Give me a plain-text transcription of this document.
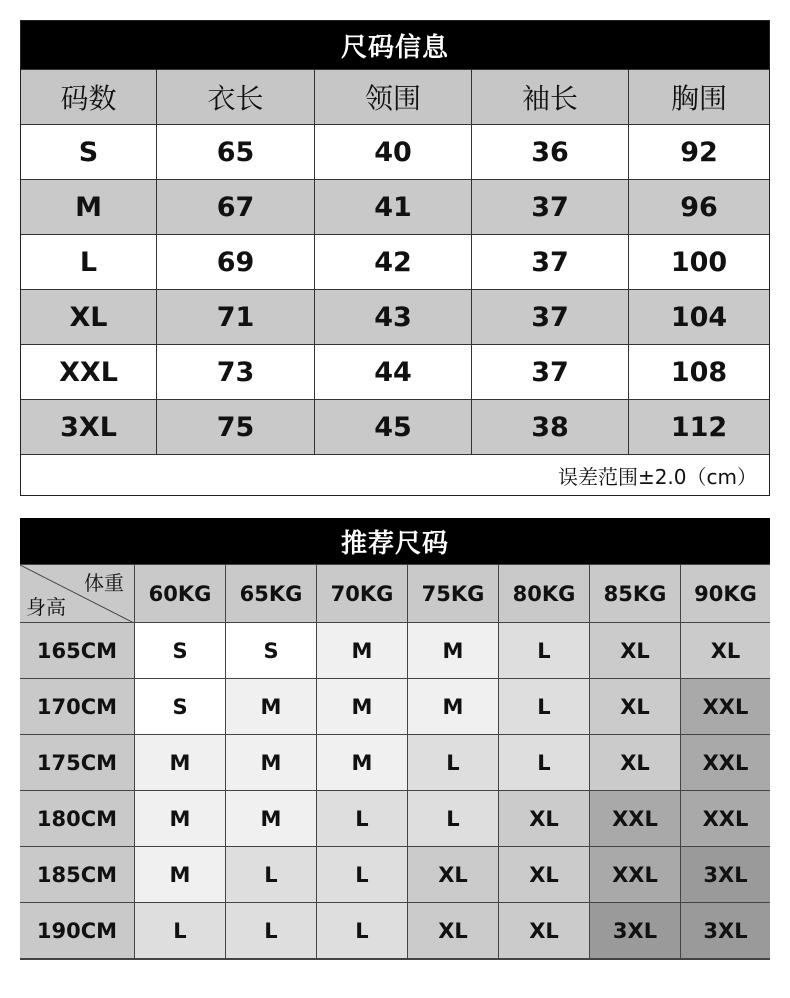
尺码信息
码数	衣长	领围	袖长	胸围
S	65	40	36	92
M	67	41	37	96
L	69	42	37	100
XL	71	43	37	104
XXL	73	44	37	108
3XL	75	45	38	112
误差范围±2.0（cm）
推荐尺码
体重
身高
60KG	65KG	70KG	75KG	80KG	85KG	90KG
165CM	S	S	M	M	L	XL	XL
170CM	S	M	M	M	L	XL	XXL
175CM	M	M	M	L	L	XL	XXL
180CM	M	M	L	L	XL	XXL	XXL
185CM	M	L	L	XL	XL	XXL	3XL
190CM	L	L	L	XL	XL	3XL	3XL
